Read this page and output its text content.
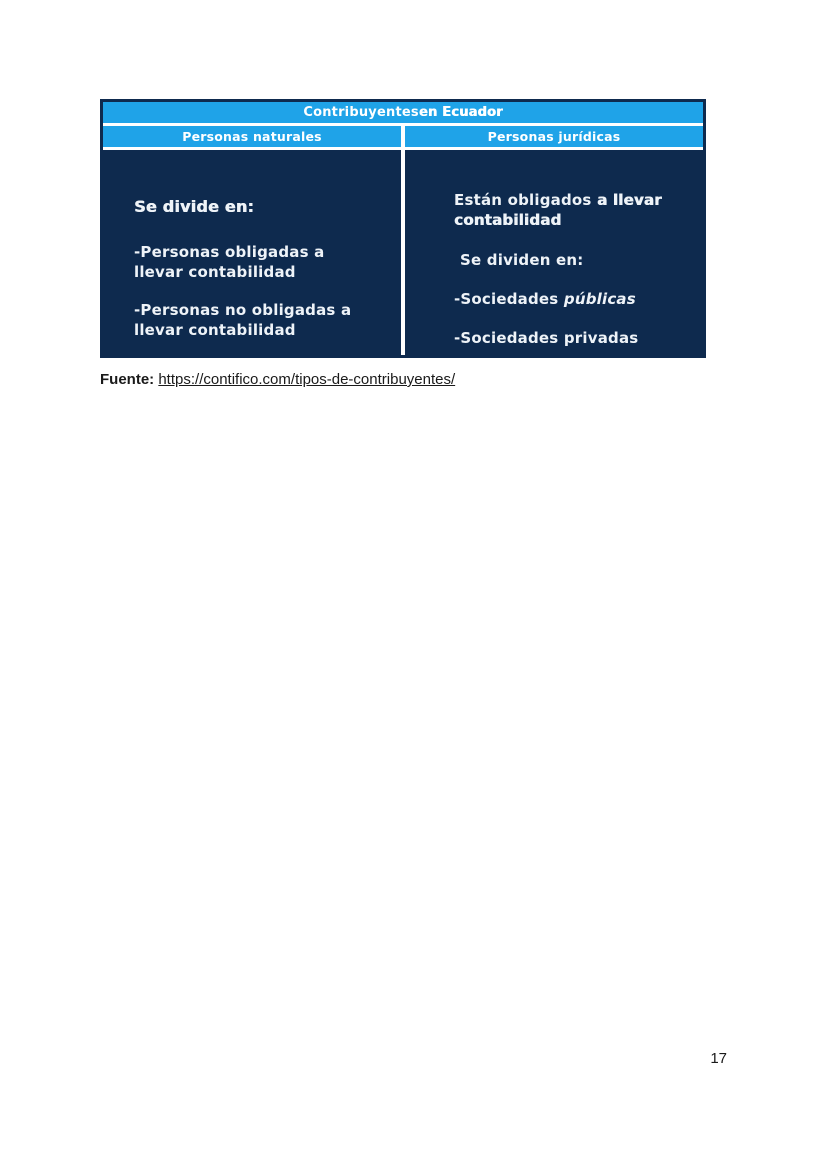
Contribuyentes en Ecuador
Personas naturales	Personas jurídicas

Se divide en:

-Personas obligadas a llevar contabilidad

-Personas no obligadas a llevar contabilidad

Están obligados a llevar contabilidad

Se dividen en:

-Sociedades públicas

-Sociedades privadas

Fuente: https://contifico.com/tipos-de-contribuyentes/

17
